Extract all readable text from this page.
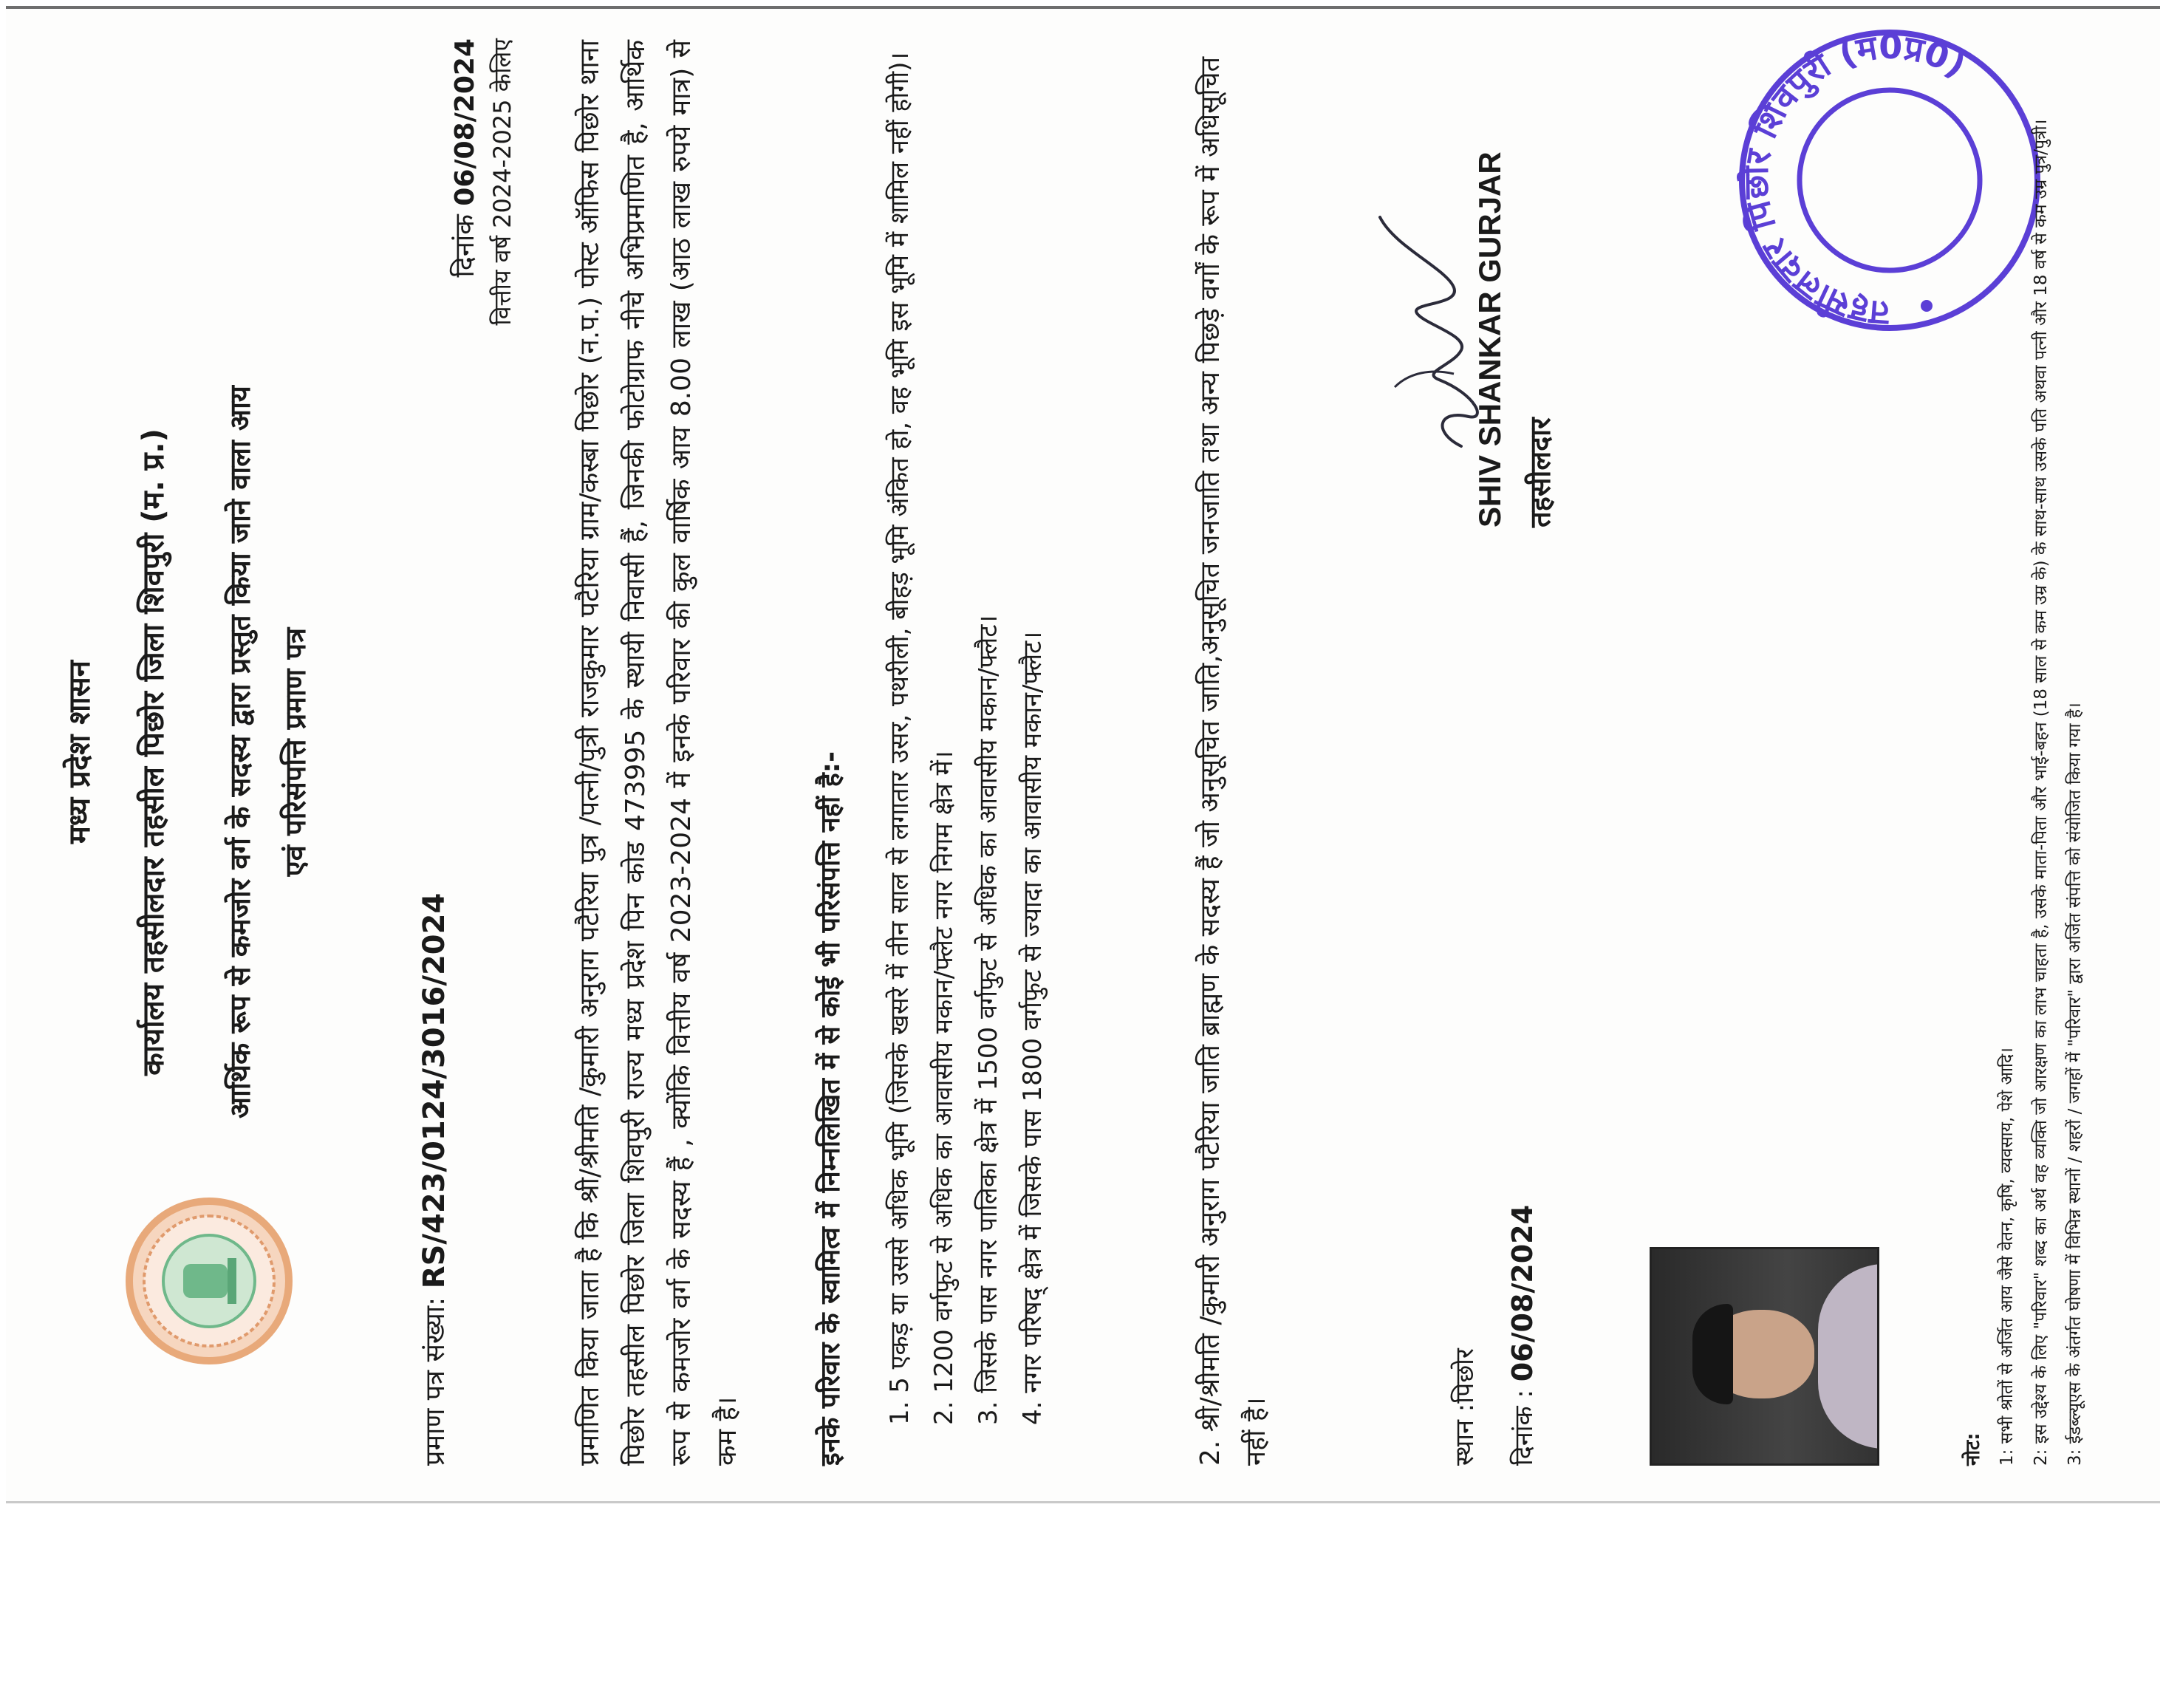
मध्य प्रदेश शासन कार्यालय तहसीलदार तहसील पिछोर जिला शिवपुरी (म. प्र.) आर्थिक रूप से कमजोर वर्ग के सदस्य द्वारा प्रस्तुत किया जाने वाला आय एवं परिसंपत्ति प्रमाण पत्र
प्रमाण पत्र संख्या: RS/423/0124/3016/2024
दिनांक 06/08/2024 वित्तीय वर्ष 2024-2025 केलिए प्रमाणित किया जाता है कि श्री/श्रीमति /कुमारी अनुराग पटैरिया पुत्र /पत्नी/पुत्री राजकुमार पटैरिया ग्राम/कस्बा पिछोर (न.प.) पोस्ट ऑफिस पिछोर थाना पिछोर तहसील पिछोर जिला शिवपुरी राज्य मध्य प्रदेश पिन कोड 473995 के स्थायी निवासी हैं, जिनकी फोटोग्राफ नीचे अभिप्रमाणित है, आर्थिक रूप से कमजोर वर्ग के सदस्य हैं , क्योंकि वित्तीय वर्ष 2023-2024 में इनके परिवार की कुल वार्षिक आय 8.00 लाख (आठ लाख रुपये मात्र) से कम है।	इनके परिवार के स्वामित्व में निम्नलिखित में से कोई भी परिसंपत्ति नहीं है:- 1. 5 एकड़ या उससे अधिक भूमि (जिसके खसरे में तीन साल से लगातार उसर, पथरीली, बीहड़ भूमि अंकित हो, वह भूमि इस भूमि में शामिल नहीं होगी)। 2. 1200 वर्गफुट से अधिक का आवासीय मकान/फ्लैट नगर निगम क्षेत्र में। 3. जिसके पास नगर पालिका क्षेत्र में 1500 वर्गफुट से अधिक का आवासीय मकान/फ्लैट। 4. नगर परिषद् क्षेत्र में जिसके पास 1800 वर्गफुट से ज्यादा का आवासीय मकान/फ्लैट।	2. श्री/श्रीमति /कुमारी अनुराग पटैरिया जाति ब्राह्मण के सदस्य हैं जो अनुसूचित जाति,अनुसूचित जनजाति तथा अन्य पिछड़े वर्गों के रूप में अधिसूचित नहीं है।	स्थान :पिछोर दिनांक : 06/08/2024
SHIV SHANKAR GURJAR तहसीलदार
तहसीलदार पिछोर शिवपुरी (म0प्र0)
नोट: 1: सभी श्रोतों से अर्जित आय जैसे वेतन, कृषि, व्यवसाय, पेशे आदि। 2: इस उद्देश्य के लिए "परिवार" शब्द का अर्थ वह व्यक्ति जो आरक्षण का लाभ चाहता है, उसके माता-पिता और भाई-बहन (18 साल से कम उम्र के) के साथ-साथ उसके पति अथवा पत्नी और 18 वर्ष से कम उम्र पुत्र/पुत्री। 3: ईडब्ल्यूएस के अंतर्गत घोषणा में विभिन्न स्थानों / शहरों / जगहों में "परिवार" द्वारा अर्जित संपत्ति को संयोजित किया गया है।
